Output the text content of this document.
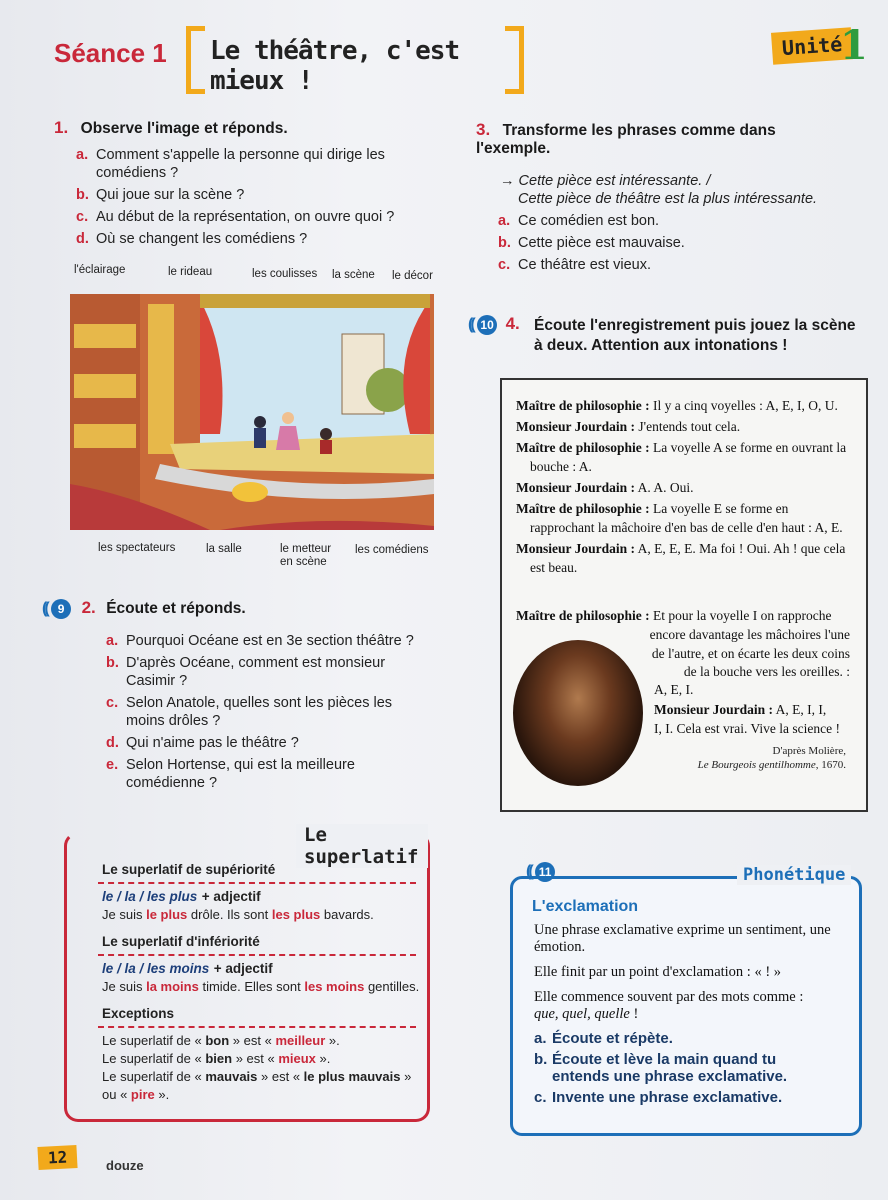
Séance 1 Le théâtre, c'est mieux !
Unité
1
1. Observe l'image et réponds.
a. Comment s'appelle la personne qui dirige les comédiens ?
b. Qui joue sur la scène ?
c. Au début de la représentation, on ouvre quoi ?
d. Où se changent les comédiens ?
l'éclairage	le rideau	les coulisses la scène le décor
les spectateurs	la salle	le metteur
en scène
les comédiens
(( 9 2. Écoute et réponds.
a. Pourquoi Océane est en 3e section théâtre ?
b. D'après Océane, comment est monsieur Casimir ?
c. Selon Anatole, quelles sont les pièces les moins drôles ?
d. Qui n'aime pas le théâtre ?
e. Selon Hortense, qui est la meilleure comédienne ?
Le superlatif
Le superlatif de supériorité
le / la / les plus + adjectif
Je suis le plus drôle. Ils sont les plus bavards.
Le superlatif d'infériorité
le / la / les moins + adjectif
Je suis la moins timide. Elles sont les moins gentilles.
Exceptions
Le superlatif de « bon » est « meilleur ».
Le superlatif de « bien » est « mieux ».
Le superlatif de « mauvais » est « le plus mauvais »
ou « pire ».
3. Transforme les phrases comme dans l'exemple.
→ Cette pièce est intéressante. /
Cette pièce de théâtre est la plus intéressante.
a. Ce comédien est bon.
b. Cette pièce est mauvaise.
c. Ce théâtre est vieux.
(( 10 4. Écoute l'enregistrement puis jouez la scène à deux. Attention aux intonations !
Maître de philosophie : Il y a cinq voyelles : A, E, I, O, U.
Monsieur Jourdain : J'entends tout cela.
Maître de philosophie : La voyelle A se forme en ouvrant la bouche : A.
Monsieur Jourdain : A. A. Oui.
Maître de philosophie : La voyelle E se forme en rapprochant la mâchoire d'en bas de celle d'en haut : A, E.
Monsieur Jourdain : A, E, E, E. Ma foi ! Oui. Ah ! que cela est beau.
Maître de philosophie : Et pour la voyelle I on rapproche
encore davantage les mâchoires l'une
de l'autre, et on écarte les deux coins
de la bouche vers les oreilles. :
A, E, I.
Monsieur Jourdain : A, E, I, I,
I, I. Cela est vrai. Vive la science !
D'après Molière,
Le Bourgeois gentilhomme, 1670.
Phonétique
(( 11
L'exclamation
Une phrase exclamative exprime un sentiment, une émotion.
Elle finit par un point d'exclamation : « ! »
Elle commence souvent par des mots comme :
que, quel, quelle !
a. Écoute et répète.
b. Écoute et lève la main quand tu entends une phrase exclamative.
c. Invente une phrase exclamative.
12	douze
